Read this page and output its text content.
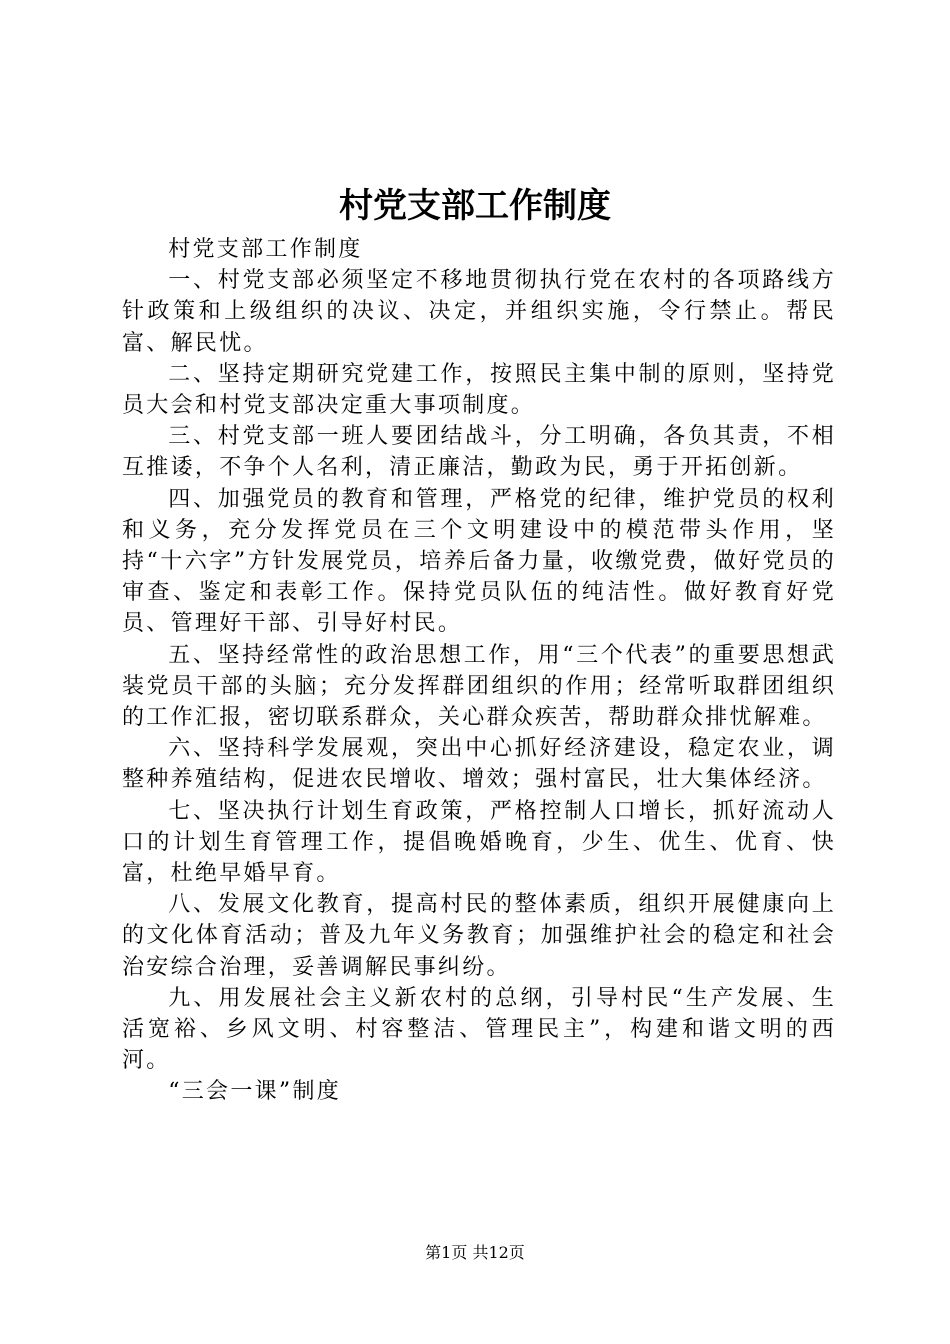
村党支部工作制度

村党支部工作制度

一、村党支部必须坚定不移地贯彻执行党在农村的各项路线方针政策和上级组织的决议、决定，并组织实施，令行禁止。帮民富、解民忧。

二、坚持定期研究党建工作，按照民主集中制的原则，坚持党员大会和村党支部决定重大事项制度。

三、村党支部一班人要团结战斗，分工明确，各负其责，不相互推诿，不争个人名利，清正廉洁，勤政为民，勇于开拓创新。

四、加强党员的教育和管理，严格党的纪律，维护党员的权利和义务，充分发挥党员在三个文明建设中的模范带头作用，坚持“十六字”方针发展党员，培养后备力量，收缴党费，做好党员的审查、鉴定和表彰工作。保持党员队伍的纯洁性。做好教育好党员、管理好干部、引导好村民。

五、坚持经常性的政治思想工作，用“三个代表”的重要思想武装党员干部的头脑；充分发挥群团组织的作用；经常听取群团组织的工作汇报，密切联系群众，关心群众疾苦，帮助群众排忧解难。

六、坚持科学发展观，突出中心抓好经济建设，稳定农业，调整种养殖结构，促进农民增收、增效；强村富民，壮大集体经济。

七、坚决执行计划生育政策，严格控制人口增长，抓好流动人口的计划生育管理工作，提倡晚婚晚育，少生、优生、优育、快富，杜绝早婚早育。

八、发展文化教育，提高村民的整体素质，组织开展健康向上的文化体育活动；普及九年义务教育；加强维护社会的稳定和社会治安综合治理，妥善调解民事纠纷。

九、用发展社会主义新农村的总纲，引导村民“生产发展、生活宽裕、乡风文明、村容整洁、管理民主”，构建和谐文明的西河。

“三会一课”制度

第1页 共12页
